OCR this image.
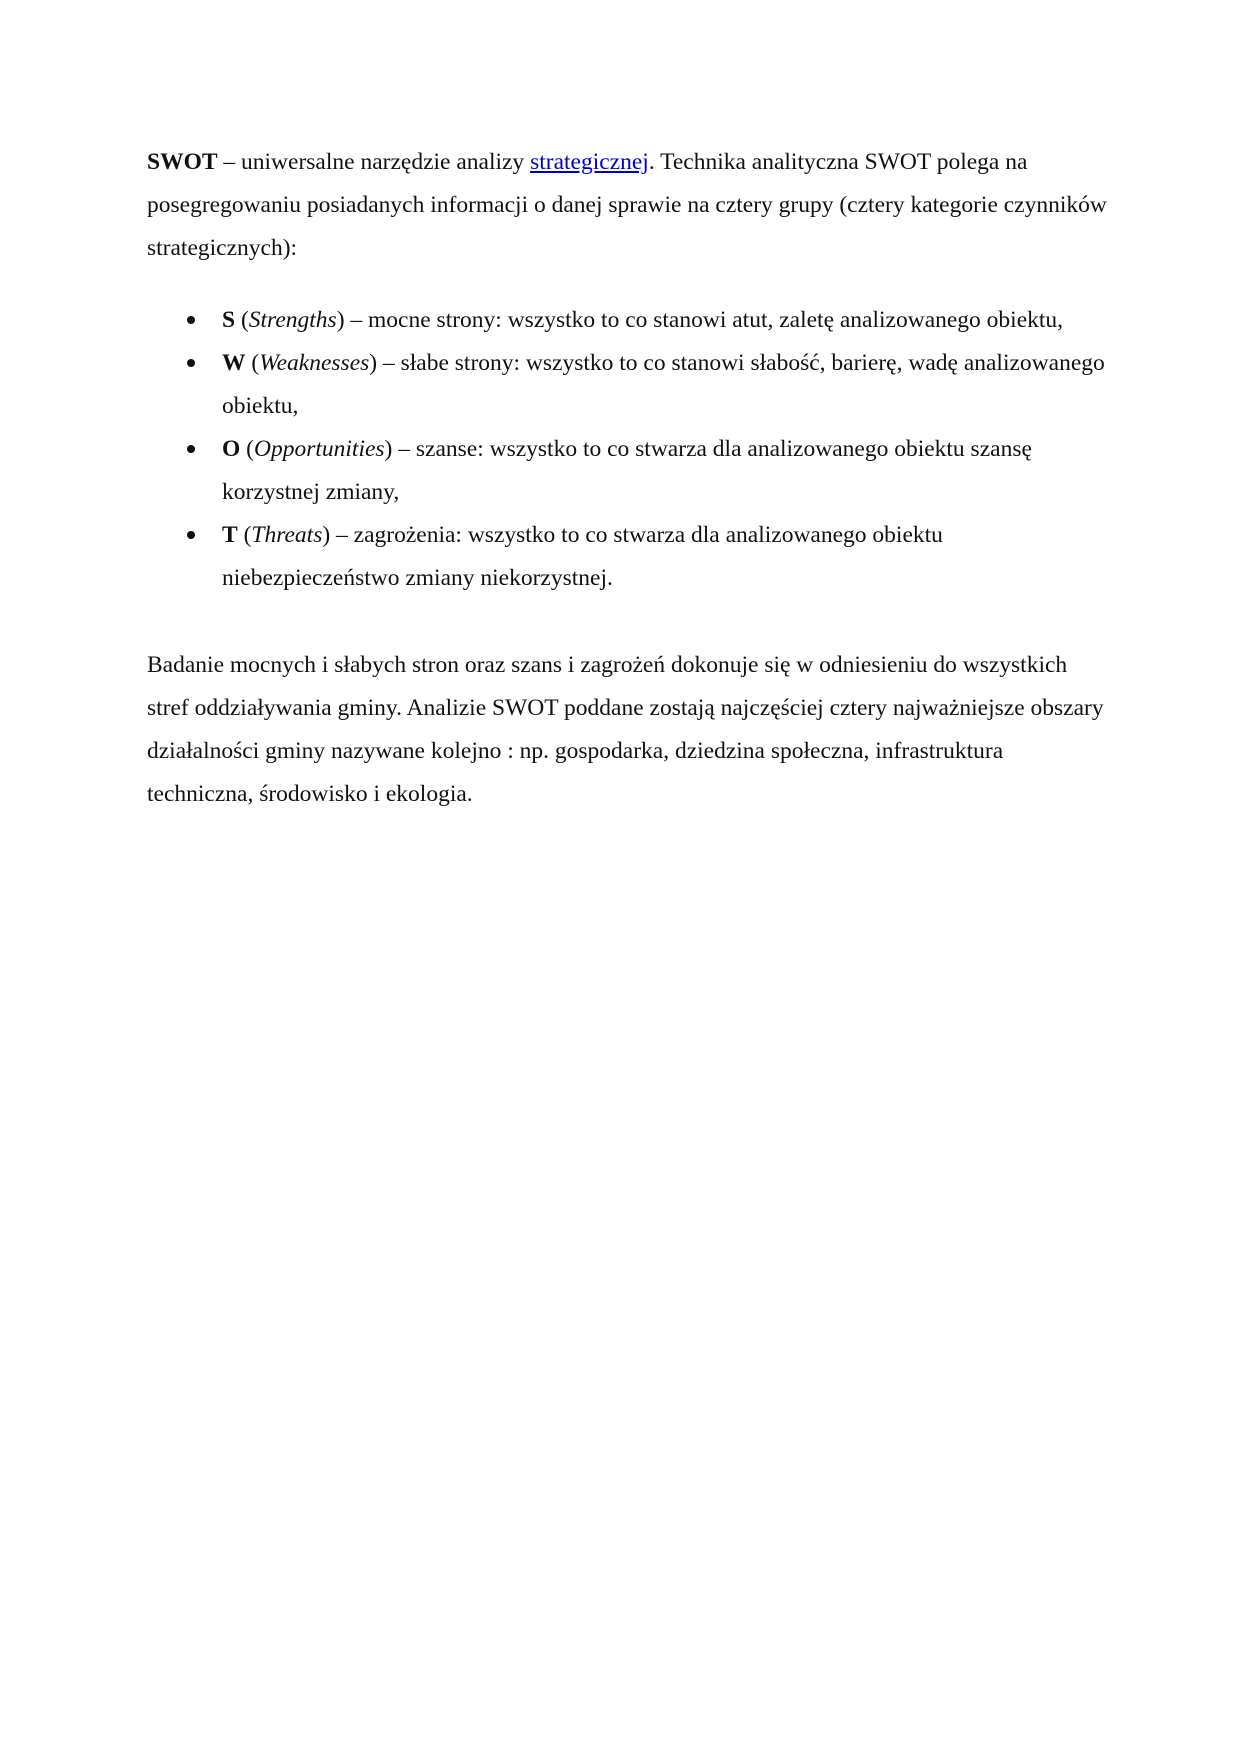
SWOT – uniwersalne narzędzie analizy strategicznej. Technika analityczna SWOT polega na posegregowaniu posiadanych informacji o danej sprawie na cztery grupy (cztery kategorie czynników strategicznych):

S (Strengths) – mocne strony: wszystko to co stanowi atut, zaletę analizowanego obiektu,
W (Weaknesses) – słabe strony: wszystko to co stanowi słabość, barierę, wadę analizowanego obiektu,
O (Opportunities) – szanse: wszystko to co stwarza dla analizowanego obiektu szansę korzystnej zmiany,
T (Threats) – zagrożenia: wszystko to co stwarza dla analizowanego obiektu niebezpieczeństwo zmiany niekorzystnej.

Badanie mocnych i słabych stron oraz szans i zagrożeń dokonuje się w odniesieniu do wszystkich stref oddziaływania gminy. Analizie SWOT poddane zostają najczęściej cztery najważniejsze obszary działalności gminy nazywane kolejno : np. gospodarka, dziedzina społeczna, infrastruktura techniczna, środowisko i ekologia.
